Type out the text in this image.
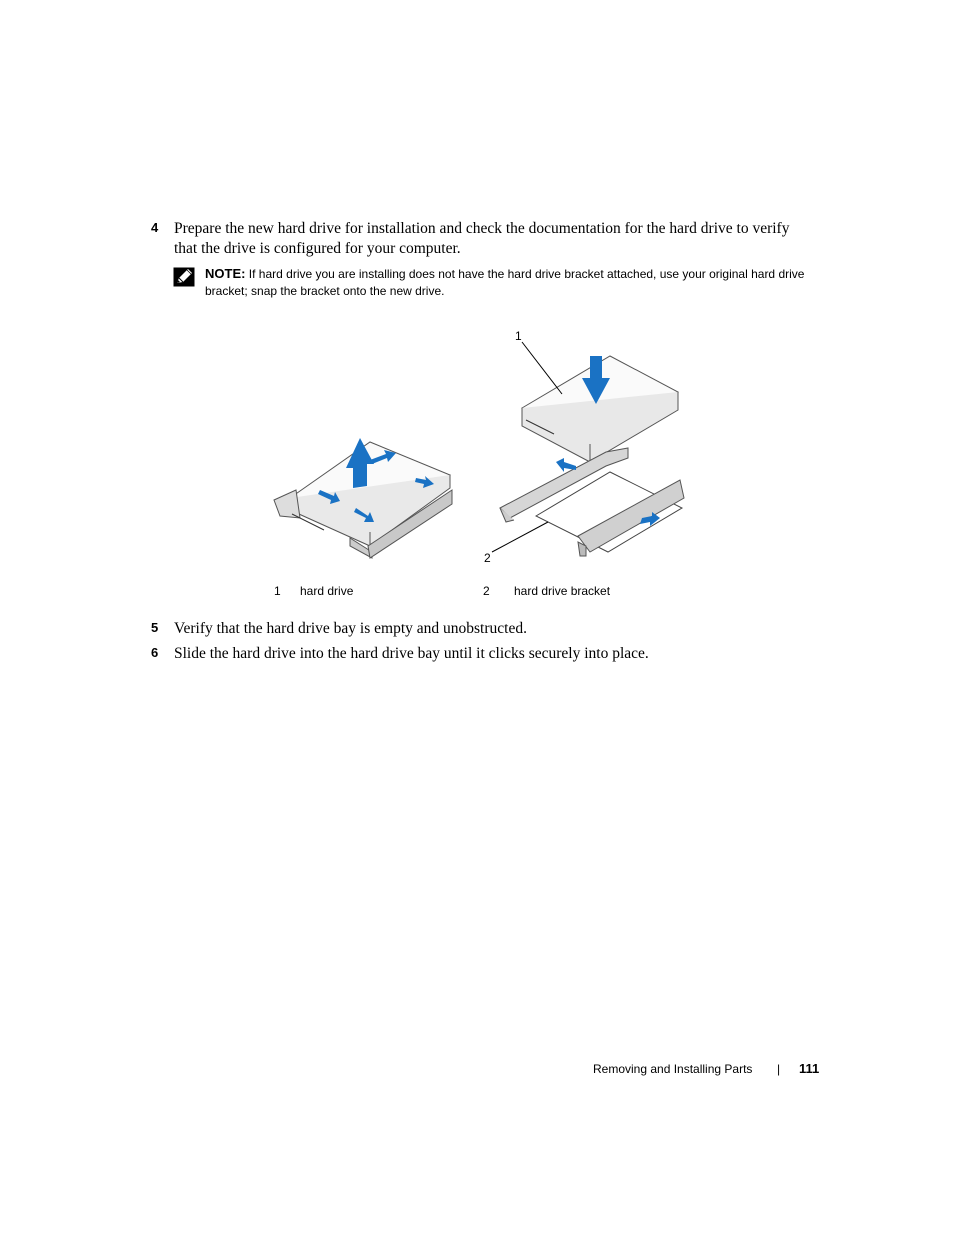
4 Prepare the new hard drive for installation and check the documentation for the hard drive to verify that the drive is configured for your computer.
NOTE: If hard drive you are installing does not have the hard drive bracket attached, use your original hard drive bracket; snap the bracket onto the new drive.
1
2
1 hard drive	2 hard drive bracket
5 Verify that the hard drive bay is empty and unobstructed.
6 Slide the hard drive into the hard drive bay until it clicks securely into place.
Removing and Installing Parts | 111
